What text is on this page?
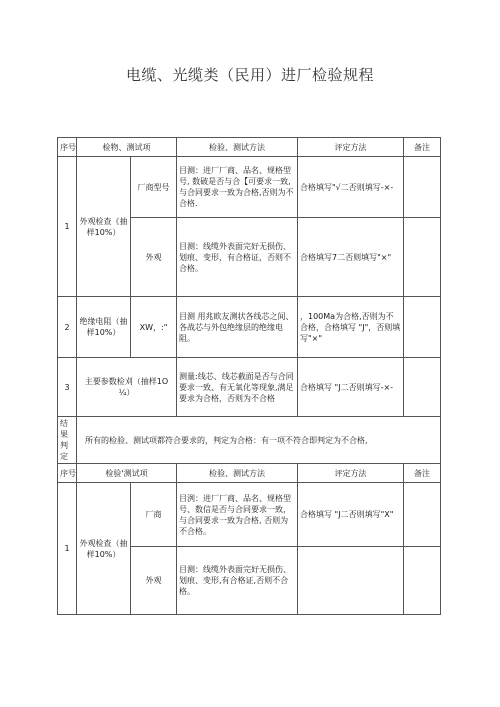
电缆、光缆类（民用）进厂检验规程
序号	检物、测试项		检验、测试方法	评定方法	备注
1	外观检查《抽样10%）	厂商型号	目测：进厂厂商、品名、规格型号, 数破是否与合【可要求一致,与合同要求一致为合格,否则为不合格.	合格填写"√二否则填写-×-	
		外观	目测：线缆外表面完好无损伤、划痕、变形，有合格证，否则不合格。	合格填写7二否则填写"×"	
2	绝缘电阻（抽样10%）	XW，:"	目测 用兆欧友测状各线芯之间、各战芯与外包绝缘层的绝缘电阻。	，100Ma为合格,否则为不合格，合格填写 "J"，否则填写"×"	
3	主要参数检刈（抽样1O¼）		测量:线芯、线芯截面是否与合同要求一致、有无氧化等现象,满足要求为合格，否则为不合格	合格填写 "J二否则填写-×-	
结果判定	所有的检验、测试项都符合要求的，判定为合格：有一项不符合即判定为不合格,				
序号	检验'测试项		检验、测试方法	评定方法	备注
1	外观检查（抽样10%）	厂商	目洌：进厂厂商、品名、规格型号、数信是否与合同要求一致，与合同要求一致为合格, 否则为不合格。	合格填写 "J二否则填写"X"	
		外观	目测：线缆外表面完好无损伤、划痕、变形,有合格证,否则不合格。		
